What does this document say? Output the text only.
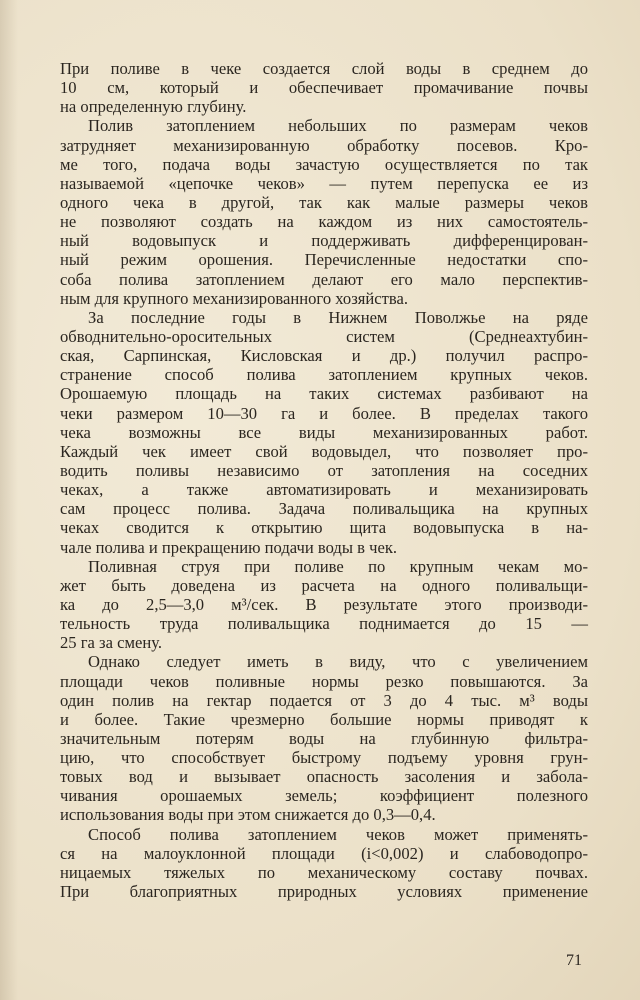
При поливе в чеке создается слой воды в среднем до
10 см, который и обеспечивает промачивание почвы
на определенную глубину.
Полив затоплением небольших по размерам чеков
затрудняет механизированную обработку посевов. Кро-
ме того, подача воды зачастую осуществляется по так
называемой «цепочке чеков» — путем перепуска ее из
одного чека в другой, так как малые размеры чеков
не позволяют создать на каждом из них самостоятель-
ный водовыпуск и поддерживать дифференцирован-
ный режим орошения. Перечисленные недостатки спо-
соба полива затоплением делают его мало перспектив-
ным для крупного механизированного хозяйства.
За последние годы в Нижнем Поволжье на ряде
обводнительно-оросительных систем (Среднеахтубин-
ская, Сарпинская, Кисловская и др.) получил распро-
странение способ полива затоплением крупных чеков.
Орошаемую площадь на таких системах разбивают на
чеки размером 10—30 га и более. В пределах такого
чека возможны все виды механизированных работ.
Каждый чек имеет свой водовыдел, что позволяет про-
водить поливы независимо от затопления на соседних
чеках, а также автоматизировать и механизировать
сам процесс полива. Задача поливальщика на крупных
чеках сводится к открытию щита водовыпуска в на-
чале полива и прекращению подачи воды в чек.
Поливная струя при поливе по крупным чекам мо-
жет быть доведена из расчета на одного поливальщи-
ка до 2,5—3,0 м³/сек. В результате этого производи-
тельность труда поливальщика поднимается до 15 —
25 га за смену.
Однако следует иметь в виду, что с увеличением
площади чеков поливные нормы резко повышаются. За
один полив на гектар подается от 3 до 4 тыс. м³ воды
и более. Такие чрезмерно большие нормы приводят к
значительным потерям воды на глубинную фильтра-
цию, что способствует быстрому подъему уровня грун-
товых вод и вызывает опасность засоления и забола-
чивания орошаемых земель; коэффициент полезного
использования воды при этом снижается до 0,3—0,4.
Способ полива затоплением чеков может применять-
ся на малоуклонной площади (i<0,002) и слабоводопро-
ницаемых тяжелых по механическому составу почвах.
При благоприятных природных условиях применение
71
